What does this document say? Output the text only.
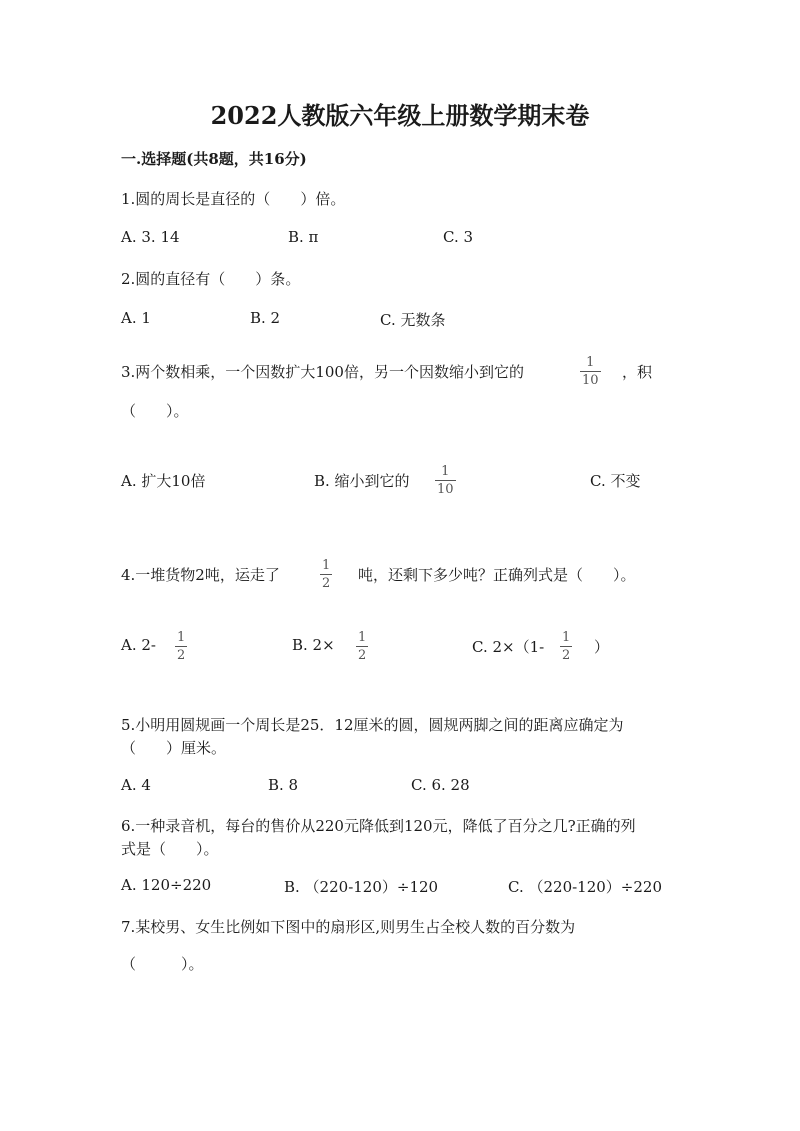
2022人教版六年级上册数学期末卷
一.选择题(共8题，共16分)
1.圆的周长是直径的（　　）倍。
A. 3. 14	B. π	C. 3
2.圆的直径有（　　）条。
A. 1	B. 2	C. 无数条
3.两个数相乘，一个因数扩大100倍，另一个因数缩小到它的
1
10 ，积
（　　）。
A. 扩大10倍	B. 缩小到它的
1
10	C. 不变
4.一堆货物2吨，运走了
1
2 吨，还剩下多少吨？正确列式是（　　）。
A. 2- 1
2
B. 2× 1
2	C. 2×（1-
1
2 ）
5.小明用圆规画一个周长是25．12厘米的圆，圆规两脚之间的距离应确定为
（　　）厘米。
A. 4	B. 8	C. 6. 28
6.一种录音机，每台的售价从220元降低到120元，降低了百分之几?正确的列
式是（　　）。
A. 120÷220	B. （220-120）÷120	C. （220-120）÷220
7.某校男、女生比例如下图中的扇形区,则男生占全校人数的百分数为
（　　　）。
